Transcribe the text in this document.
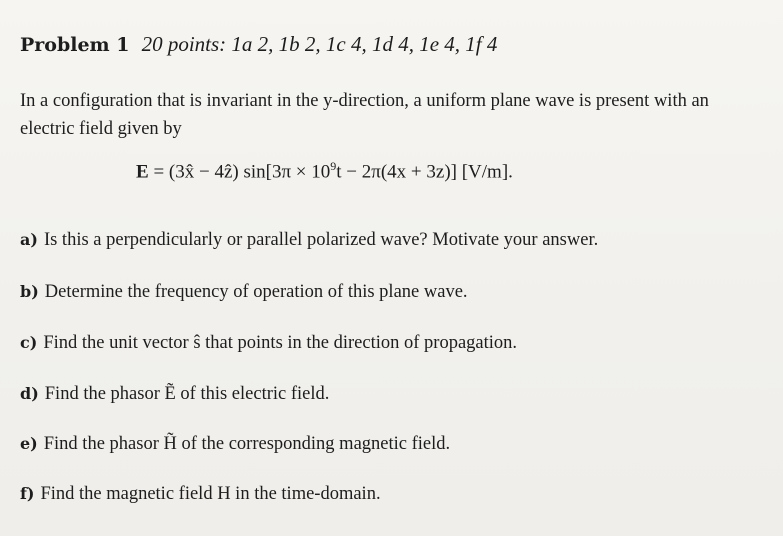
Problem 1 20 points: 1a 2, 1b 2, 1c 4, 1d 4, 1e 4, 1f 4
In a configuration that is invariant in the y-direction, a uniform plane wave is present with an electric field given by
E = (3x̂ − 4ẑ) $\sin[3\pi \times 10^9t - 2\pi(4x + 3z)]$ [V/m].
a) Is this a perpendicularly or parallel polarized wave? Motivate your answer.
b) Determine the frequency of operation of this plane wave.
c) Find the unit vector ŝ that points in the direction of propagation.
d) Find the phasor Ẽ of this electric field.
e) Find the phasor H̃ of the corresponding magnetic field.
f) Find the magnetic field H in the time-domain.
